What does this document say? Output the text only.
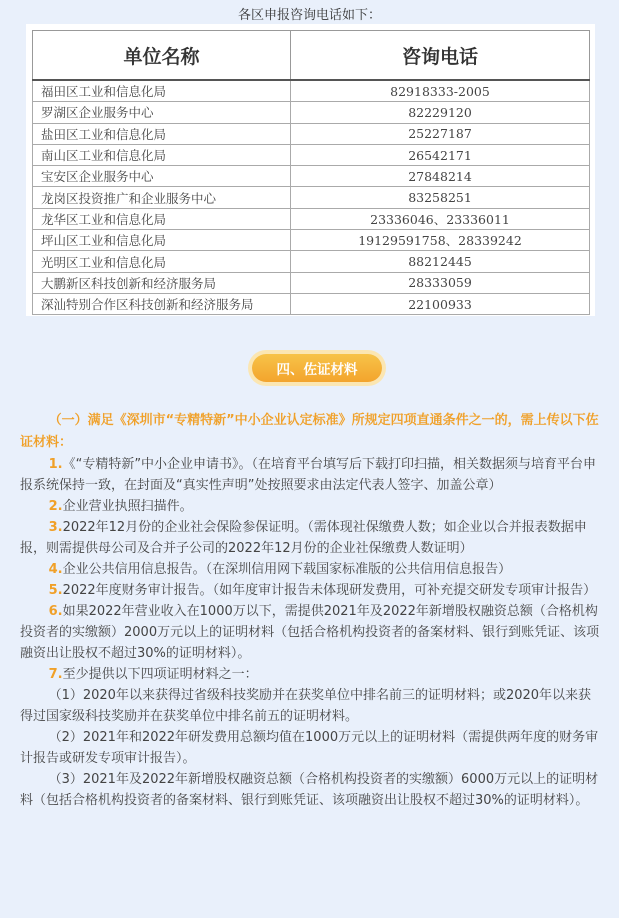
各区申报咨询电话如下：
单位名称	咨询电话
福田区工业和信息化局	82918333-2005
罗湖区企业服务中心	82229120
盐田区工业和信息化局	25227187
南山区工业和信息化局	26542171
宝安区企业服务中心	27848214
龙岗区投资推广和企业服务中心	83258251
龙华区工业和信息化局	23336046、23336011
坪山区工业和信息化局	19129591758、28339242
光明区工业和信息化局	88212445
大鹏新区科技创新和经济服务局	28333059
深汕特别合作区科技创新和经济服务局	22100933
四、佐证材料

（一）满足《深圳市“专精特新”中小企业认定标准》所规定四项直通条件之一的，需上传以下佐证材料：

1.《“专精特新”中小企业申请书》。（在培育平台填写后下载打印扫描，相关数据须与培育平台申报系统保持一致，在封面及“真实性声明”处按照要求由法定代表人签字、加盖公章）

2.企业营业执照扫描件。

3.2022年12月份的企业社会保险参保证明。（需体现社保缴费人数；如企业以合并报表数据申报，则需提供母公司及合并子公司的2022年12月份的企业社保缴费人数证明）

4.企业公共信用信息报告。（在深圳信用网下载国家标准版的公共信用信息报告）

5.2022年度财务审计报告。（如年度审计报告未体现研发费用，可补充提交研发专项审计报告）

6.如果2022年营业收入在1000万以下，需提供2021年及2022年新增股权融资总额（合格机构投资者的实缴额）2000万元以上的证明材料（包括合格机构投资者的备案材料、银行到账凭证、该项融资出让股权不超过30%的证明材料）。

7.至少提供以下四项证明材料之一：

（1）2020年以来获得过省级科技奖励并在获奖单位中排名前三的证明材料；或2020年以来获得过国家级科技奖励并在获奖单位中排名前五的证明材料。

（2）2021年和2022年研发费用总额均值在1000万元以上的证明材料（需提供两年度的财务审计报告或研发专项审计报告）。

（3）2021年及2022年新增股权融资总额（合格机构投资者的实缴额）6000万元以上的证明材料（包括合格机构投资者的备案材料、银行到账凭证、该项融资出让股权不超过30%的证明材料）。
